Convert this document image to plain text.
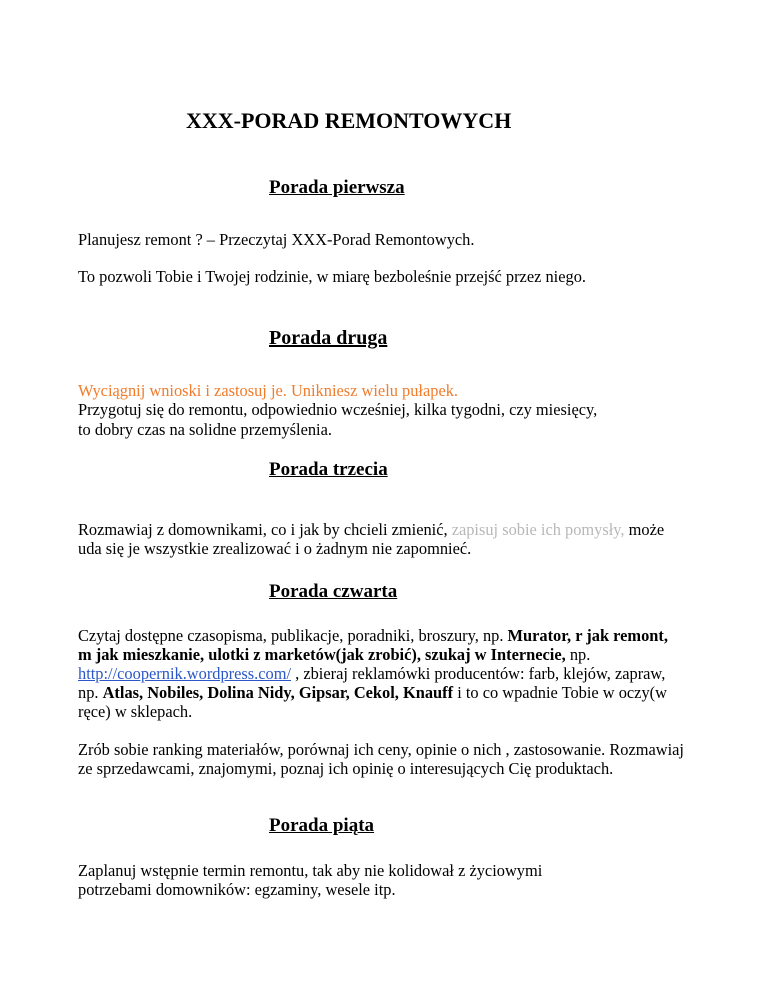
XXX-PORAD REMONTOWYCH
Porada pierwsza

Planujesz remont ? – Przeczytaj XXX-Porad Remontowych.

To pozwoli Tobie i Twojej rodzinie, w miarę bezboleśnie przejść przez niego.

Porada druga

Wyciągnij wnioski i zastosuj je. Unikniesz wielu pułapek.

Przygotuj się do remontu, odpowiednio wcześniej, kilka tygodni, czy miesięcy,

to dobry czas na solidne przemyślenia.

Porada trzecia

Rozmawiaj z domownikami, co i jak by chcieli zmienić, zapisuj sobie ich pomysły, może uda się je wszystkie zrealizować i o żadnym nie zapomnieć.

Porada czwarta

Czytaj dostępne czasopisma, publikacje, poradniki, broszury, np. Murator, r jak remont, m jak mieszkanie, ulotki z marketów(jak zrobić), szukaj w Internecie, np. http://coopernik.wordpress.com/ , zbieraj reklamówki producentów: farb, klejów, zapraw, np. Atlas, Nobiles, Dolina Nidy, Gipsar, Cekol, Knauff i to co wpadnie Tobie w oczy(w ręce) w sklepach.

Zrób sobie ranking materiałów, porównaj ich ceny, opinie o nich , zastosowanie. Rozmawiaj ze sprzedawcami, znajomymi, poznaj ich opinię o interesujących Cię produktach.

Porada piąta

Zaplanuj wstępnie termin remontu, tak aby nie kolidował z życiowymi potrzebami domowników: egzaminy, wesele itp.
